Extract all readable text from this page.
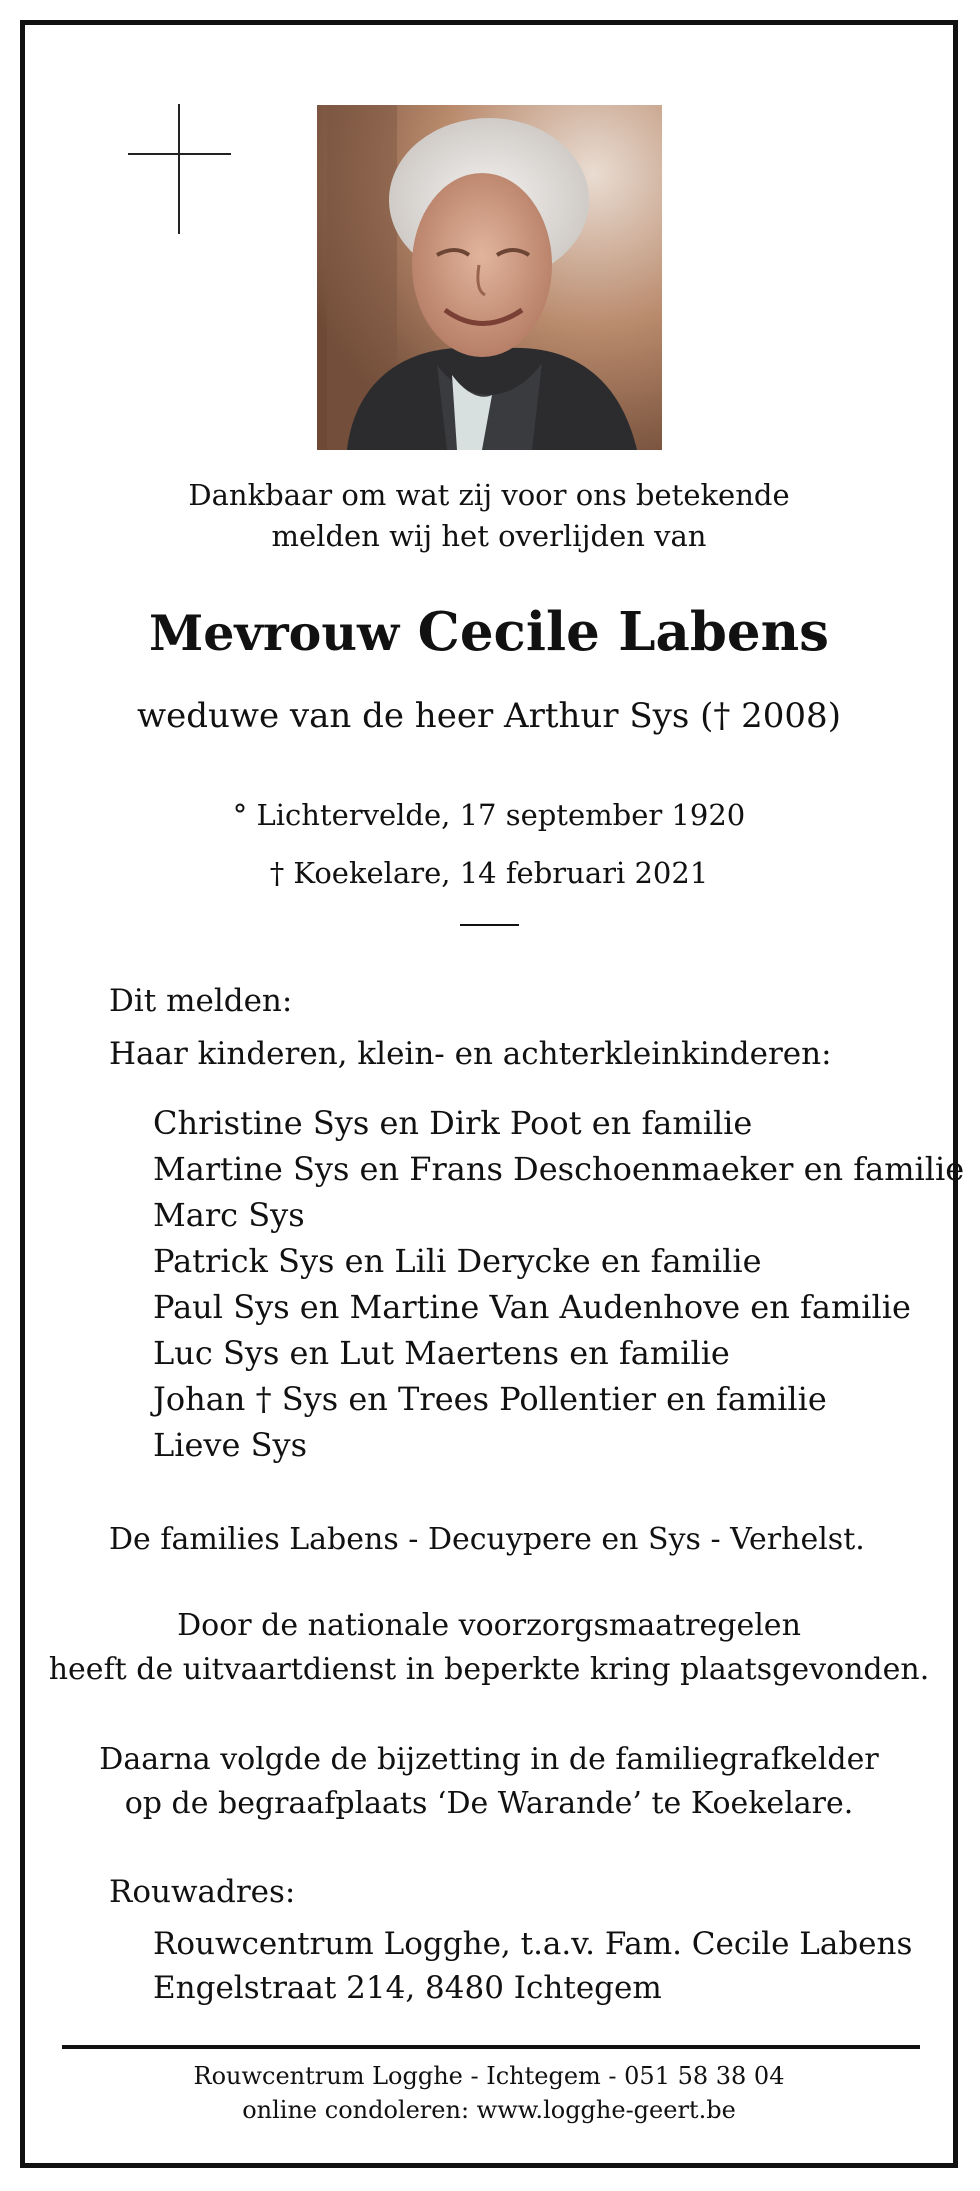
Dankbaar om wat zij voor ons betekende
melden wij het overlijden van
Mevrouw Cecile Labens
weduwe van de heer Arthur Sys († 2008)
° Lichtervelde, 17 september 1920
† Koekelare, 14 februari 2021
Dit melden:
Haar kinderen, klein- en achterkleinkinderen:
Christine Sys en Dirk Poot en familie
Martine Sys en Frans Deschoenmaeker en familie
Marc Sys
Patrick Sys en Lili Derycke en familie
Paul Sys en Martine Van Audenhove en familie
Luc Sys en Lut Maertens en familie
Johan † Sys en Trees Pollentier en familie
Lieve Sys
De families Labens - Decuypere en Sys - Verhelst.
Door de nationale voorzorgsmaatregelen
heeft de uitvaartdienst in beperkte kring plaatsgevonden.
Daarna volgde de bijzetting in de familiegrafkelder
op de begraafplaats ‘De Warande’ te Koekelare.
Rouwadres:
Rouwcentrum Logghe, t.a.v. Fam. Cecile Labens
Engelstraat 214, 8480 Ichtegem
Rouwcentrum Logghe - Ichtegem - 051 58 38 04
online condoleren: www.logghe-geert.be
